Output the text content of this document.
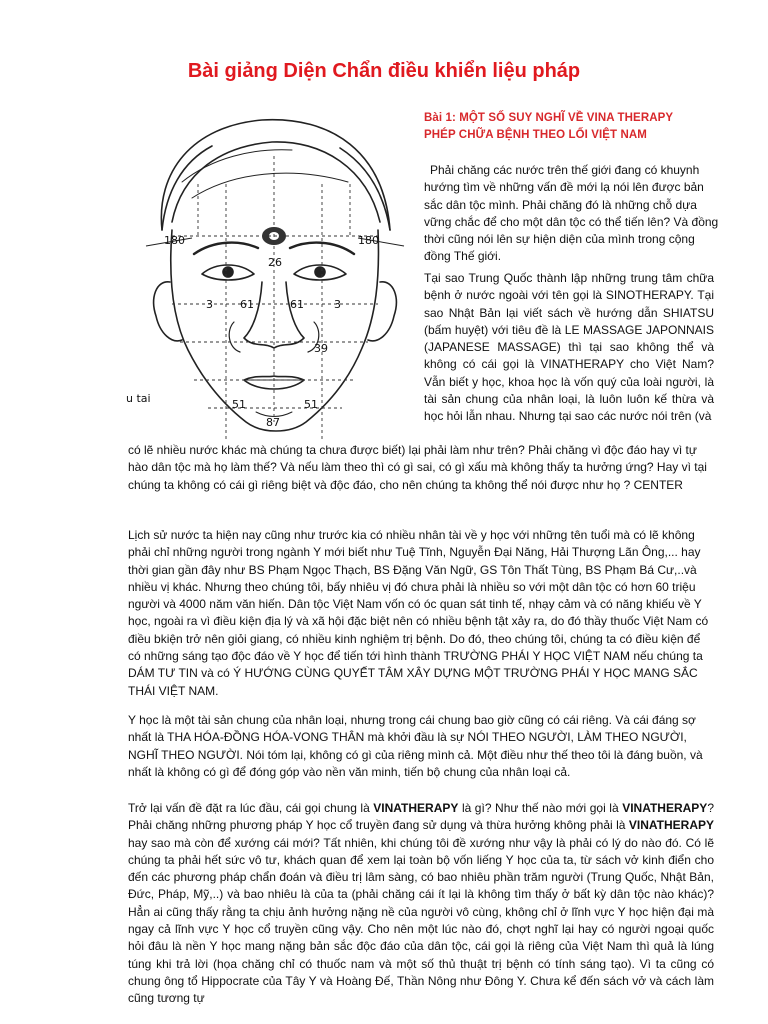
Bài giảng Diện Chẩn điều khiển liệu pháp
180	180
26
3 61	61	3
39
51
87
51
u tai
Bài 1: MỘT SỐ SUY NGHĨ VỀ VINA THERAPY
PHÉP CHỮA BỆNH THEO LỐI VIỆT NAM

Phải chăng các nước trên thế giới đang có khuynh hướng tìm về những vấn đề mới lạ nói lên được bản sắc dân tộc mình. Phải chăng đó là những chỗ dựa vững chắc để cho một dân tộc có thể tiến lên? Và đồng thời cũng nói lên sự hiện diện của mình trong cộng đồng Thế giới.

Tại sao Trung Quốc thành lập những trung tâm chữa bệnh ở nước ngoài với tên gọi là SINOTHERAPY. Tại sao Nhật Bản lại viết sách về hướng dẫn SHIATSU (bấm huyệt) với tiêu đề là LE MASSAGE JAPONNAIS (JAPANESE MASSAGE) thì tại sao không thể và không có cái gọi là VINATHERAPY cho Việt Nam? Vẫn biết y học, khoa học là vốn quý của loài người, là tài sản chung của nhân loại, là luôn luôn kế thừa và học hỏi lẫn nhau. Nhưng tại sao các nước nói trên (và

có lẽ nhiều nước khác mà chúng ta chưa được biết) lại phải làm như trên? Phải chăng vì độc đáo hay vì tự hào dân tộc mà họ làm thế? Và nếu làm theo thì có gì sai, có gì xấu mà không thấy ta hưởng ứng? Hay vì tại chúng ta không có cái gì riêng biệt và độc đáo, cho nên chúng ta không thể nói được như họ ? CENTER

Lịch sử nước ta hiện nay cũng như trước kia có nhiều nhân tài về y học với những tên tuổi mà có lẽ không phải chỉ những người trong ngành Y mới biết như Tuệ Tĩnh, Nguyễn Đại Năng, Hải Thượng Lãn Ông,... hay thời gian gần đây như BS Phạm Ngọc Thạch, BS Đặng Văn Ngữ, GS Tôn Thất Tùng, BS Phạm Bá Cư,..và nhiều vị khác. Nhưng theo chúng tôi, bấy nhiêu vị đó chưa phải là nhiều so với một dân tộc có hơn 60 triệu người và 4000 năm văn hiến. Dân tộc Việt Nam vốn có óc quan sát tinh tế, nhạy cảm và có năng khiếu về Y học, ngoài ra vì điều kiện địa lý và xã hội đặc biệt nên có nhiều bệnh tật xảy ra, do đó thầy thuốc Việt Nam có điều bkiện trở nên giỏi giang, có nhiều kinh nghiệm trị bệnh. Do đó, theo chúng tôi, chúng ta có điều kiện để có những sáng tạo độc đáo về Y học để tiến tới hình thành TRƯỜNG PHÁI Y HỌC VIỆT NAM nếu chúng ta DÁM TƯ TIN và có Ý HƯỚNG CÙNG QUYẾT TÂM XÂY DỰNG MỘT TRƯỜNG PHÁI Y HỌC MANG SẮC THÁI VIỆT NAM.

Y học là một tài sản chung của nhân loại, nhưng trong cái chung bao giờ cũng có cái riêng. Và cái đáng sợ nhất là THA HÓA-ĐỒNG HÓA-VONG THÂN mà khởi đầu là sự NÓI THEO NGƯỜI, LÀM THEO NGƯỜI, NGHĨ THEO NGƯỜI. Nói tóm lại, không có gì của riêng mình cả. Một điều như thế theo tôi là đáng buồn, và nhất là không có gì để đóng góp vào nền văn minh, tiến bộ chung của nhân loại cả.

Trở lại vấn đề đặt ra lúc đầu, cái gọi chung là VINATHERAPY là gì? Như thế nào mới gọi là VINATHERAPY? Phải chăng những phương pháp Y học cổ truyền đang sử dụng và thừa hưởng không phải là VINATHERAPY hay sao mà còn để xướng cái mới? Tất nhiên, khi chúng tôi đề xướng như vậy là phải có lý do nào đó. Có lẽ chúng ta phải hết sức vô tư, khách quan để xem lại toàn bộ vốn liếng Y học của ta, từ sách vở kinh điển cho đến các phương pháp chẩn đoán và điều trị lâm sàng, có bao nhiêu phần trăm người (Trung Quốc, Nhật Bản, Đức, Pháp, Mỹ,..) và bao nhiêu là của ta (phải chăng cái ít lại là không tìm thấy ở bất kỳ dân tộc nào khác)? Hẳn ai cũng thấy rằng ta chịu ảnh hưởng nặng nề của người vô cùng, không chỉ ở lĩnh vực Y học hiện đại mà ngay cả lĩnh vực Y học cổ truyền cũng vậy. Cho nên một lúc nào đó, chợt nghĩ lại hay có người ngoại quốc hỏi đâu là nền Y học mang nặng bản sắc độc đáo của dân tộc, cái gọi là riêng của Việt Nam thì quả là lúng túng khi trả lời (họa chăng chỉ có thuốc nam và một số thủ thuật trị bệnh có tính sáng tạo). Vì ta cũng có chung ông tổ Hippocrate của Tây Y và Hoàng Đế, Thần Nông như Đông Y. Chưa kể đến sách vở và cách làm cũng tương tự
